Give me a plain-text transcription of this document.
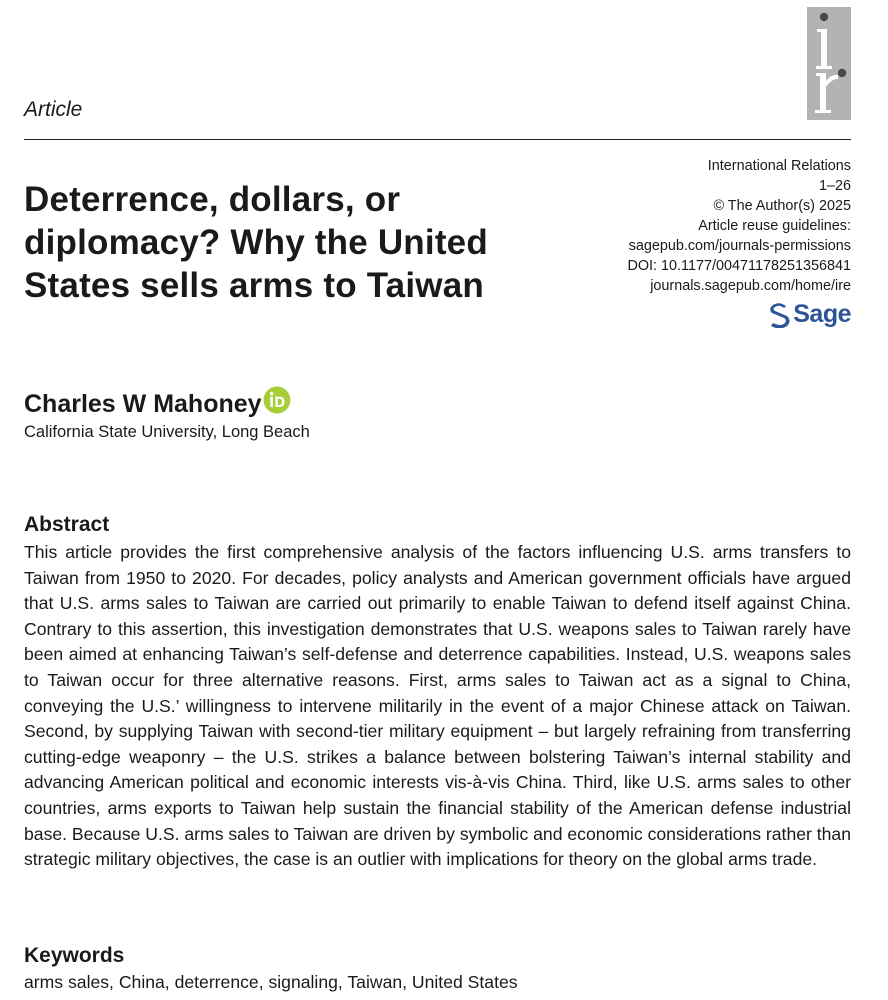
Article
Deterrence, dollars, or diplomacy? Why the United States sells arms to Taiwan
International Relations
1–26
© The Author(s) 2025
Article reuse guidelines:
sagepub.com/journals-permissions
DOI: 10.1177/00471178251356841
journals.sagepub.com/home/ire
Sage
Charles W Mahoney
California State University, Long Beach
Abstract

This article provides the first comprehensive analysis of the factors influencing U.S. arms transfers to Taiwan from 1950 to 2020. For decades, policy analysts and American government officials have argued that U.S. arms sales to Taiwan are carried out primarily to enable Taiwan to defend itself against China. Contrary to this assertion, this investigation demonstrates that U.S. weapons sales to Taiwan rarely have been aimed at enhancing Taiwan’s self-defense and deterrence capabilities. Instead, U.S. weapons sales to Taiwan occur for three alternative reasons. First, arms sales to Taiwan act as a signal to China, conveying the U.S.’ willingness to intervene militarily in the event of a major Chinese attack on Taiwan. Second, by supplying Taiwan with second-tier military equipment – but largely refraining from transferring cutting-edge weaponry – the U.S. strikes a balance between bolstering Taiwan’s internal stability and advancing American political and economic interests vis-à-vis China. Third, like U.S. arms sales to other countries, arms exports to Taiwan help sustain the financial stability of the American defense industrial base. Because U.S. arms sales to Taiwan are driven by symbolic and economic considerations rather than strategic military objectives, the case is an outlier with implications for theory on the global arms trade.

Keywords
arms sales, China, deterrence, signaling, Taiwan, United States
